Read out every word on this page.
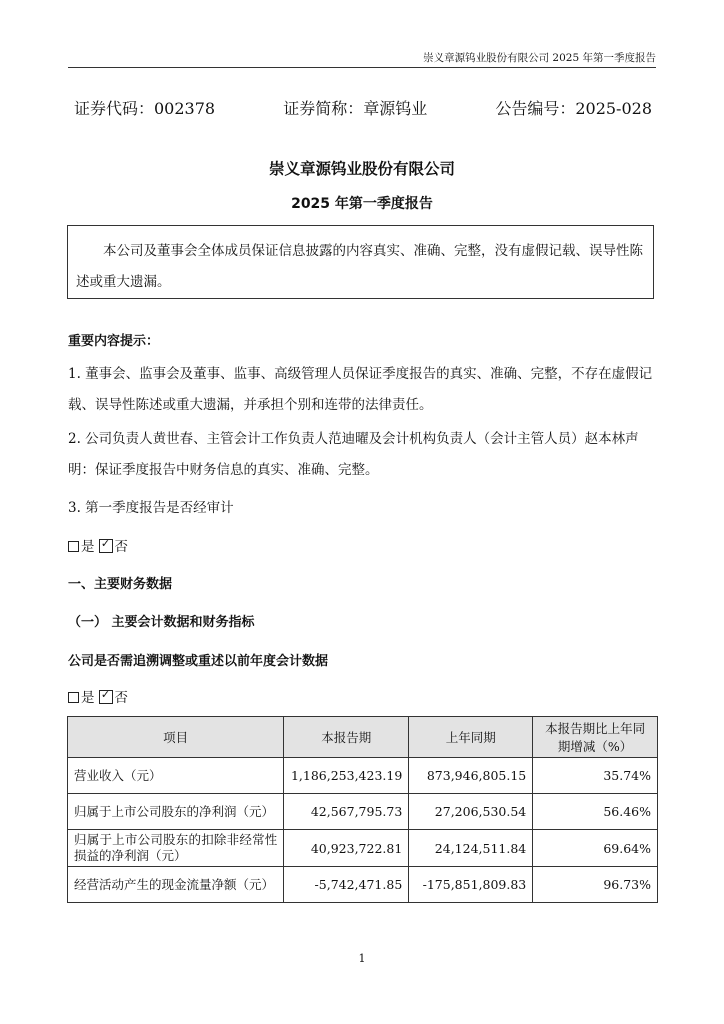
崇义章源钨业股份有限公司 2025 年第一季度报告
证券代码：002378	证券简称：章源钨业	公告编号：2025-028
崇义章源钨业股份有限公司
2025 年第一季度报告

本公司及董事会全体成员保证信息披露的内容真实、准确、完整，没有虚假记载、误导性陈述或重大遗漏。

重要内容提示：

1. 董事会、监事会及董事、监事、高级管理人员保证季度报告的真实、准确、完整，不存在虚假记载、误导性陈述或重大遗漏，并承担个别和连带的法律责任。

2. 公司负责人黄世春、主管会计工作负责人范迪曜及会计机构负责人（会计主管人员）赵本林声明：保证季度报告中财务信息的真实、准确、完整。

3. 第一季度报告是否经审计
是 ✓ 否
一、主要财务数据
（一） 主要会计数据和财务指标
公司是否需追溯调整或重述以前年度会计数据
是 ✓ 否
项目	本报告期	上年同期	本报告期比上年同期增减（%）
营业收入（元）	1,186,253,423.19	873,946,805.15	35.74%
归属于上市公司股东的净利润（元）	42,567,795.73	27,206,530.54	56.46%
归属于上市公司股东的扣除非经常性损益的净利润（元）	40,923,722.81	24,124,511.84	69.64%
经营活动产生的现金流量净额（元）	-5,742,471.85	-175,851,809.83	96.73%
1
